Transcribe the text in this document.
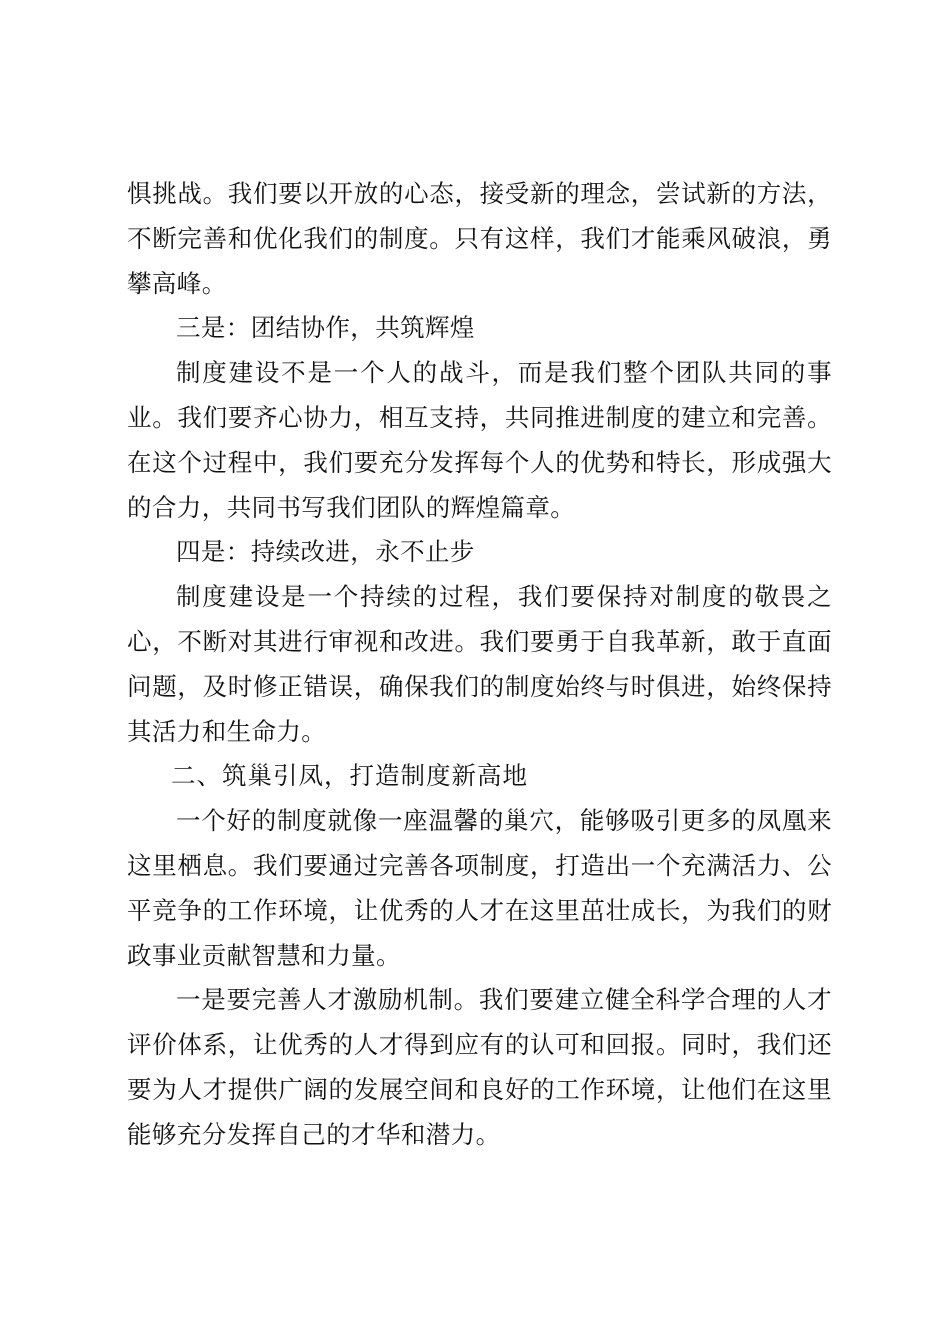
惧挑战。我们要以开放的心态，接受新的理念，尝试新的方法，不断完善和优化我们的制度。只有这样，我们才能乘风破浪，勇攀高峰。

三是：团结协作，共筑辉煌

制度建设不是一个人的战斗，而是我们整个团队共同的事业。我们要齐心协力，相互支持，共同推进制度的建立和完善。在这个过程中，我们要充分发挥每个人的优势和特长，形成强大的合力，共同书写我们团队的辉煌篇章。

四是：持续改进，永不止步

制度建设是一个持续的过程，我们要保持对制度的敬畏之心，不断对其进行审视和改进。我们要勇于自我革新，敢于直面问题，及时修正错误，确保我们的制度始终与时俱进，始终保持其活力和生命力。

二、筑巢引凤，打造制度新高地

一个好的制度就像一座温馨的巢穴，能够吸引更多的凤凰来这里栖息。我们要通过完善各项制度，打造出一个充满活力、公平竞争的工作环境，让优秀的人才在这里茁壮成长，为我们的财政事业贡献智慧和力量。

一是要完善人才激励机制。我们要建立健全科学合理的人才评价体系，让优秀的人才得到应有的认可和回报。同时，我们还要为人才提供广阔的发展空间和良好的工作环境，让他们在这里能够充分发挥自己的才华和潜力。
